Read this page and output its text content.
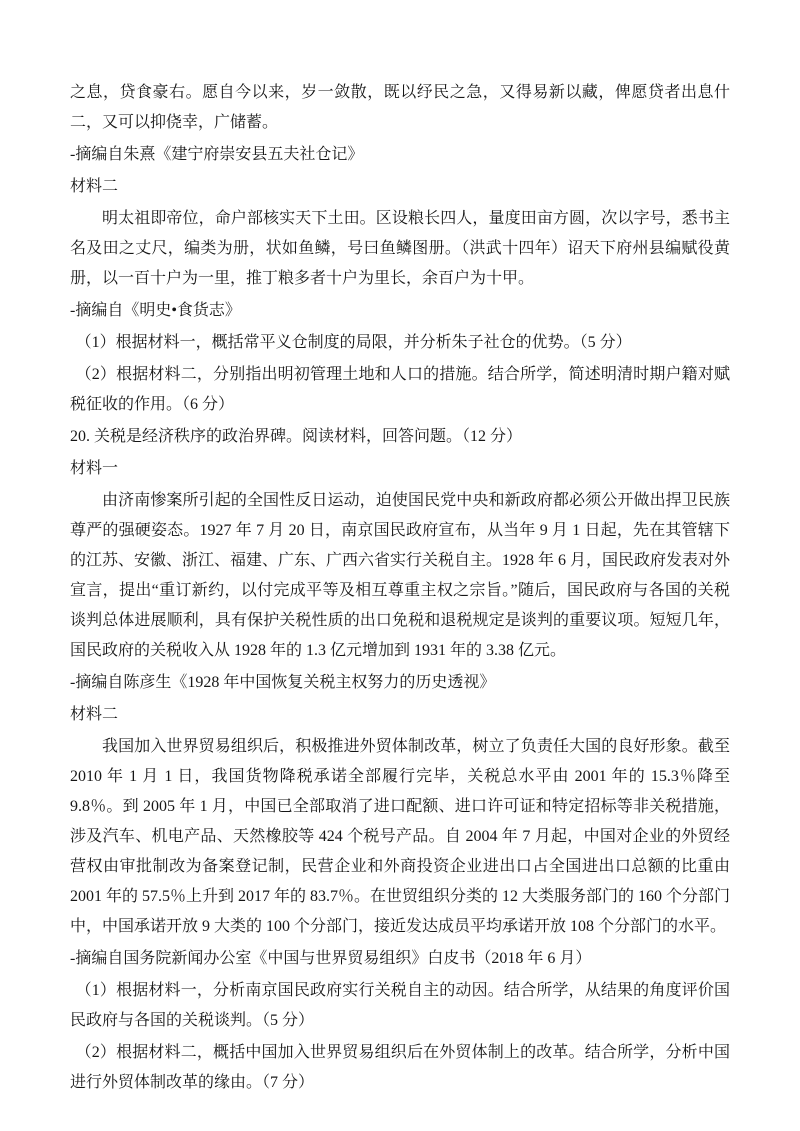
之息，贷食豪右。愿自今以来，岁一敛散，既以纾民之急，又得易新以藏，俾愿贷者出息什二，又可以抑侥幸，广储蓄。

-摘编自朱熹《建宁府崇安县五夫社仓记》

材料二

明太祖即帝位，命户部核实天下土田。区设粮长四人，量度田亩方圆，次以字号，悉书主名及田之丈尺，编类为册，状如鱼鳞，号曰鱼鳞图册。（洪武十四年）诏天下府州县编赋役黄册，以一百十户为一里，推丁粮多者十户为里长，余百户为十甲。

-摘编自《明史•食货志》

（1）根据材料一，概括常平义仓制度的局限，并分析朱子社仓的优势。（5 分）

（2）根据材料二，分别指出明初管理土地和人口的措施。结合所学，简述明清时期户籍对赋税征收的作用。（6 分）

20. 关税是经济秩序的政治界碑。阅读材料，回答问题。（12 分）

材料一

由济南惨案所引起的全国性反日运动，迫使国民党中央和新政府都必须公开做出捍卫民族尊严的强硬姿态。1927 年 7 月 20 日，南京国民政府宣布，从当年 9 月 1 日起，先在其管辖下的江苏、安徽、浙江、福建、广东、广西六省实行关税自主。1928 年 6 月，国民政府发表对外宣言，提出“重订新约，以付完成平等及相互尊重主权之宗旨。”随后，国民政府与各国的关税谈判总体进展顺利，具有保护关税性质的出口免税和退税规定是谈判的重要议项。短短几年，国民政府的关税收入从 1928 年的 1.3 亿元增加到 1931 年的 3.38 亿元。

-摘编自陈彦生《1928 年中国恢复关税主权努力的历史透视》

材料二

我国加入世界贸易组织后，积极推进外贸体制改革，树立了负责任大国的良好形象。截至 2010 年 1 月 1 日，我国货物降税承诺全部履行完毕，关税总水平由 2001 年的 15.3％降至 9.8％。到 2005 年 1 月，中国已全部取消了进口配额、进口许可证和特定招标等非关税措施，涉及汽车、机电产品、天然橡胶等 424 个税号产品。自 2004 年 7 月起，中国对企业的外贸经营权由审批制改为备案登记制，民营企业和外商投资企业进出口占全国进出口总额的比重由 2001 年的 57.5％上升到 2017 年的 83.7％。在世贸组织分类的 12 大类服务部门的 160 个分部门中，中国承诺开放 9 大类的 100 个分部门，接近发达成员平均承诺开放 108 个分部门的水平。

-摘编自国务院新闻办公室《中国与世界贸易组织》白皮书（2018 年 6 月）

（1）根据材料一，分析南京国民政府实行关税自主的动因。结合所学，从结果的角度评价国民政府与各国的关税谈判。（5 分）

（2）根据材料二，概括中国加入世界贸易组织后在外贸体制上的改革。结合所学，分析中国进行外贸体制改革的缘由。（7 分）
